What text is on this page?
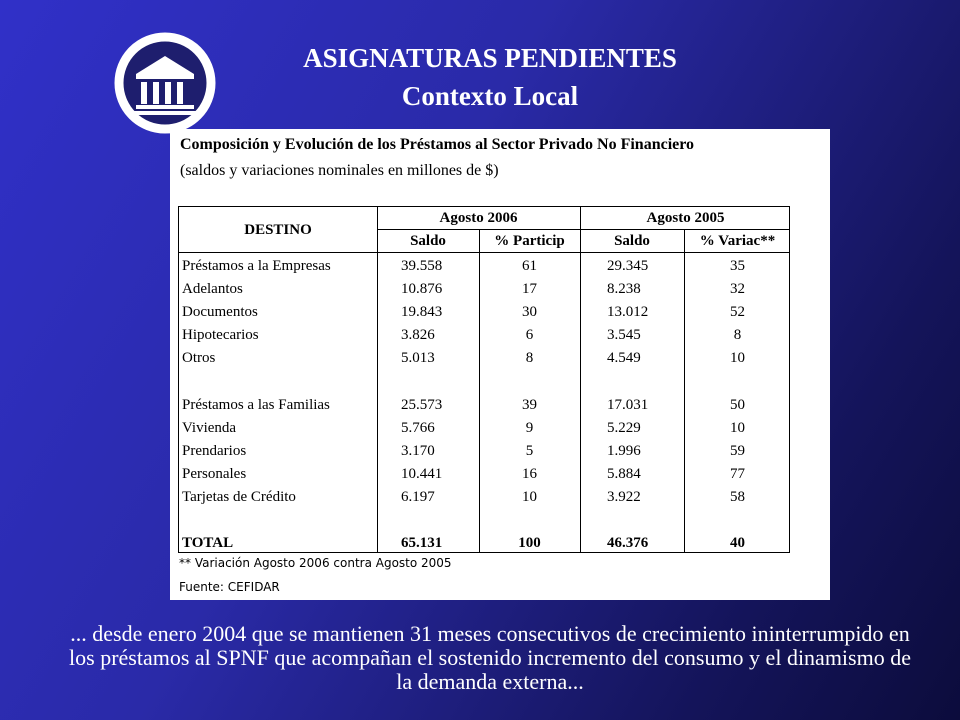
ASIGNATURAS PENDIENTES
Contexto Local
Composición y Evolución de los Préstamos al Sector Privado No Financiero
(saldos y variaciones nominales en millones de $)
DESTINO
Agosto 2006	Agosto 2005
Saldo	% Particip	Saldo	% Variac**
Préstamos a la Empresas	39.558	61	29.345	35
Adelantos	10.876	17	8.238	32
Documentos	19.843	30	13.012	52
Hipotecarios	3.826	6	3.545	8
Otros	5.013	8	4.549	10
Préstamos a las Familias	25.573	39	17.031	50
Vivienda	5.766	9	5.229	10
Prendarios	3.170	5	1.996	59
Personales	10.441	16	5.884	77
Tarjetas de Crédito	6.197	10	3.922	58
TOTAL	65.131	100	46.376	40
** Variación Agosto 2006 contra Agosto 2005
Fuente: CEFIDAR
... desde enero 2004 que se mantienen 31 meses consecutivos de crecimiento ininterrumpido en los préstamos al SPNF que acompañan el sostenido incremento del consumo y el dinamismo de la demanda externa...
